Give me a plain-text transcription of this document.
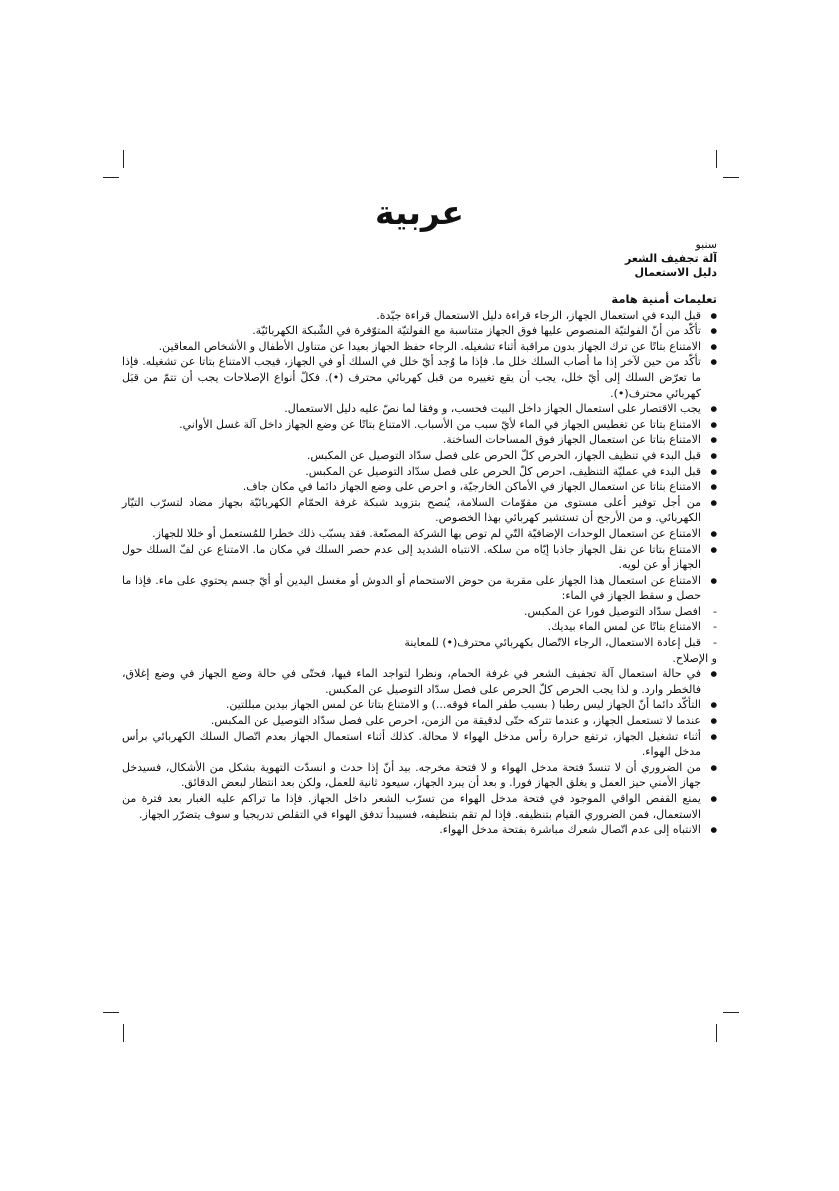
عربية
سنبو
آلة تجفيف الشعر
دليل الاستعمال
تعليمات أمنية هامة
● قبل البدء في استعمال الجهاز، الرجاء قراءة دليل الاستعمال قراءة جيّدة.
● تأكّد من أنّ الفولتيّة المنصوص عليها فوق الجهاز متناسبة مع الفولتيّة المتوّفرة في الشّبكة الكهربائيّة.
● الامتناع بتاتًا عن ترك الجهاز بدون مراقبة أثناء تشغيله. الرجاء حفظ الجهاز بعيدا عن متناول الأطفال و الأشخاص المعاقين.
● تأكّد من حين لآخر إذا ما أصاب السلك خلل ما. فإذا ما وُجد أيّ خلل في السلك أو في الجهاز، فيجب الامتناع بتاتا عن تشغيله. فإذا ما تعرّض السلك إلى أيّ خلل، يجب أن يقع تغييره من قبل كهربائي محترف (•). فكلّ أنواع الإصلاحات يجب أن تتمّ من قبَل كهربائي محترف(•).
● يجب الاقتصار على استعمال الجهاز داخل البيت فحسب، و وفقا لما نصّ عليه دليل الاستعمال.
● الامتناع بتاتا عن تغطيس الجهاز في الماء لأيّ سبب من الأسباب. الامتناع بتاتًا عن وضع الجهاز داخل آلة غسل الأواني.
● الامتناع بتاتا عن استعمال الجهاز فوق المساحات الساخنة.
● قبل البدء في تنظيف الجهاز، الحرص كلّ الحرص على فصل سدّاد التوصيل عن المكبس.
● قبل البدء في عمليّة التنظيف، احرص كلّ الحرص على فصل سدّاد التوصيل عن المكبس.
● الامتناع بتاتا عن استعمال الجهاز في الأماكن الخارجيّة، و احرص على وضع الجهاز دائما في مكان جاف.
● من أجل توفير أعلى مستوى من مقوّمات السلامة، يُنصح بتزويد شبكة غرفة الحمّام الكهربائيّة بجهاز مضاد لتسرّب التيّار الكهربائي. و من الأرجح أن تستشير كهربائي بهذا الخصوص.
● الامتناع عن استعمال الوحدات الإضافيّة التّي لم توص بها الشركة المصنّعة. فقد يسبّب ذلك خطرا للمُستعمل أو خللا للجهاز.
● الامتناع بتاتا عن نقل الجهاز جاذبا إيّاه من سلكه. الانتباه الشديد إلى عدم حصر السلك في مكان ما. الامتناع عن لفّ السلك حول الجهاز أو عن لويه.
● الامتناع عن استعمال هذا الجهاز على مقربة من حوض الاستحمام أو الدوش أو مغسل اليدين أو أيّ جسم يحتوي على ماء. فإذا ما حصل و سقط الجهاز في الماء:
- افصل سدّاد التوصيل فورا عن المكبس.
- الامتناع بتاتًا عن لمس الماء بيديك.
- قبل إعادة الاستعمال، الرجاء الاتّصال بكهربائي محترف(•) للمعاينة
و الإصلاح.
● في حالة استعمال آلة تجفيف الشعر في غرفة الحمام، ونظرا لتواجد الماء فيها، فحتّى في حالة وضع الجهاز في وضع إغلاق، فالخطر وارد. و لذا يجب الحرص كلّ الحرص على فصل سدّاد التوصيل عن المكبس.
● التأكّد دائما أنّ الجهاز ليس رطبا ( بسبب طفر الماء فوقه...) و الامتناع بتاتا عن لمس الجهاز بيدين مبللتين.
● عندما لا تستعمل الجهاز، و عندما تتركه حتّى لدقيقة من الزمن، احرص على فصل سدّاد التوصيل عن المكبس.
● أثناء تشغيل الجهاز، ترتفع حرارة رأس مدخل الهواء لا محالة. كذلك أثناء استعمال الجهاز بعدم اتّصال السلك الكهربائي برأس مدخل الهواء.
● من الضروري أن لا تنسدّ فتحة مدخل الهواء و لا فتحة مخرجه. بيد أنّ إذا حدث و انسدّت التهوية بشكل من الأشكال، فسيدخل جهاز الأمني حيز العمل و يغلق الجهاز فورا. و بعد أن يبرد الجهاز، سيعود ثانية للعمل، ولكن بعد انتظار لبعض الدقائق.
● يمنع القفص الواقي الموجود في فتحة مدخل الهواء من تسرّب الشعر داخل الجهاز. فإذا ما تراكم عليه الغبار بعد فترة من الاستعمال، فمن الضروري القيام بتنظيفه. فإذا لم تقم بتنظيفه، فسيبدأ تدفق الهواء في التقلص تدريجيا و سوف يتضرّر الجهاز.
● الانتباه إلى عدم اتّصال شعرك مباشرة بفتحة مدخل الهواء.
